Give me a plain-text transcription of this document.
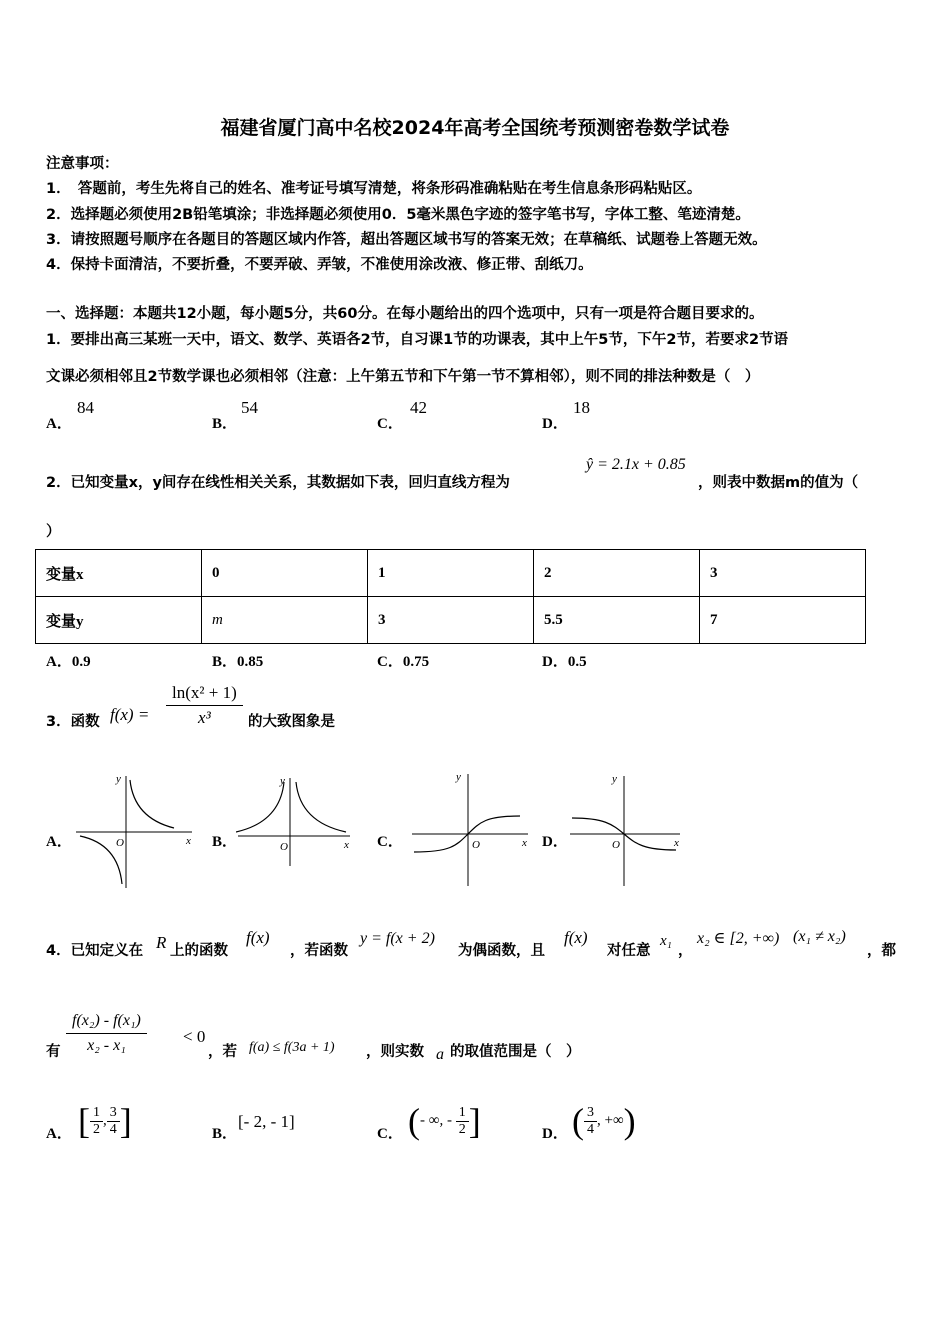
福建省厦门高中名校2024年高考全国统考预测密卷数学试卷
注意事项：
1．　答题前，考生先将自己的姓名、准考证号填写清楚，将条形码准确粘贴在考生信息条形码粘贴区。
2．选择题必须使用2B铅笔填涂；非选择题必须使用0．5毫米黑色字迹的签字笔书写，字体工整、笔迹清楚。
3．请按照题号顺序在各题目的答题区域内作答，超出答题区域书写的答案无效；在草稿纸、试题卷上答题无效。
4．保持卡面清洁，不要折叠，不要弄破、弄皱，不准使用涂改液、修正带、刮纸刀。
一、选择题：本题共12小题，每小题5分，共60分。在每小题给出的四个选项中，只有一项是符合题目要求的。
1．要排出高三某班一天中，语文、数学、英语各2节，自习课1节的功课表，其中上午5节，下午2节，若要求2节语
文课必须相邻且2节数学课也必须相邻（注意：上午第五节和下午第一节不算相邻），则不同的排法种数是（　）
A．
84
B．
54
C．
42
D．
18
2．已知变量x，y间存在线性相关关系，其数据如下表，回归直线方程为
ŷ = 2.1x + 0.85
，则表中数据m的值为（
）
变量x	0	1	2	3
变量y	m	3	5.5	7
A．0.9	B．0.85	C．0.75	D．0.5
3．函数 $f(x) = \frac{\text{ln(x² + 1)}}{\text{x³}}$ 的大致图象是
A．
y
x
O	B．
y
x
O	C．
y
x
O	D．
y
x
O
4．已知定义在 R 上的函数
f(x)
，若函数
y = f(x + 2)
为偶函数，且
f(x)
对任意
x₁
，
x₂ ∈ [2, +∞) (x₁ ≠ x₂)
，都
有 $\frac{\text{f(x₂) - f(x₁)}}{\text{x₂ - x₁}} < 0$
，若 f(a) ≤ f(3a + 1) ，则实数 a 的取值范围是（　）
A． [ $\frac{1}{2}$ , $\frac{3}{4}$ ]	B．
[- 2, - 1]
C． (- ∞, - $\frac{1}{2}$ ]	D． ( $\frac{3}{4}$ , +∞)
